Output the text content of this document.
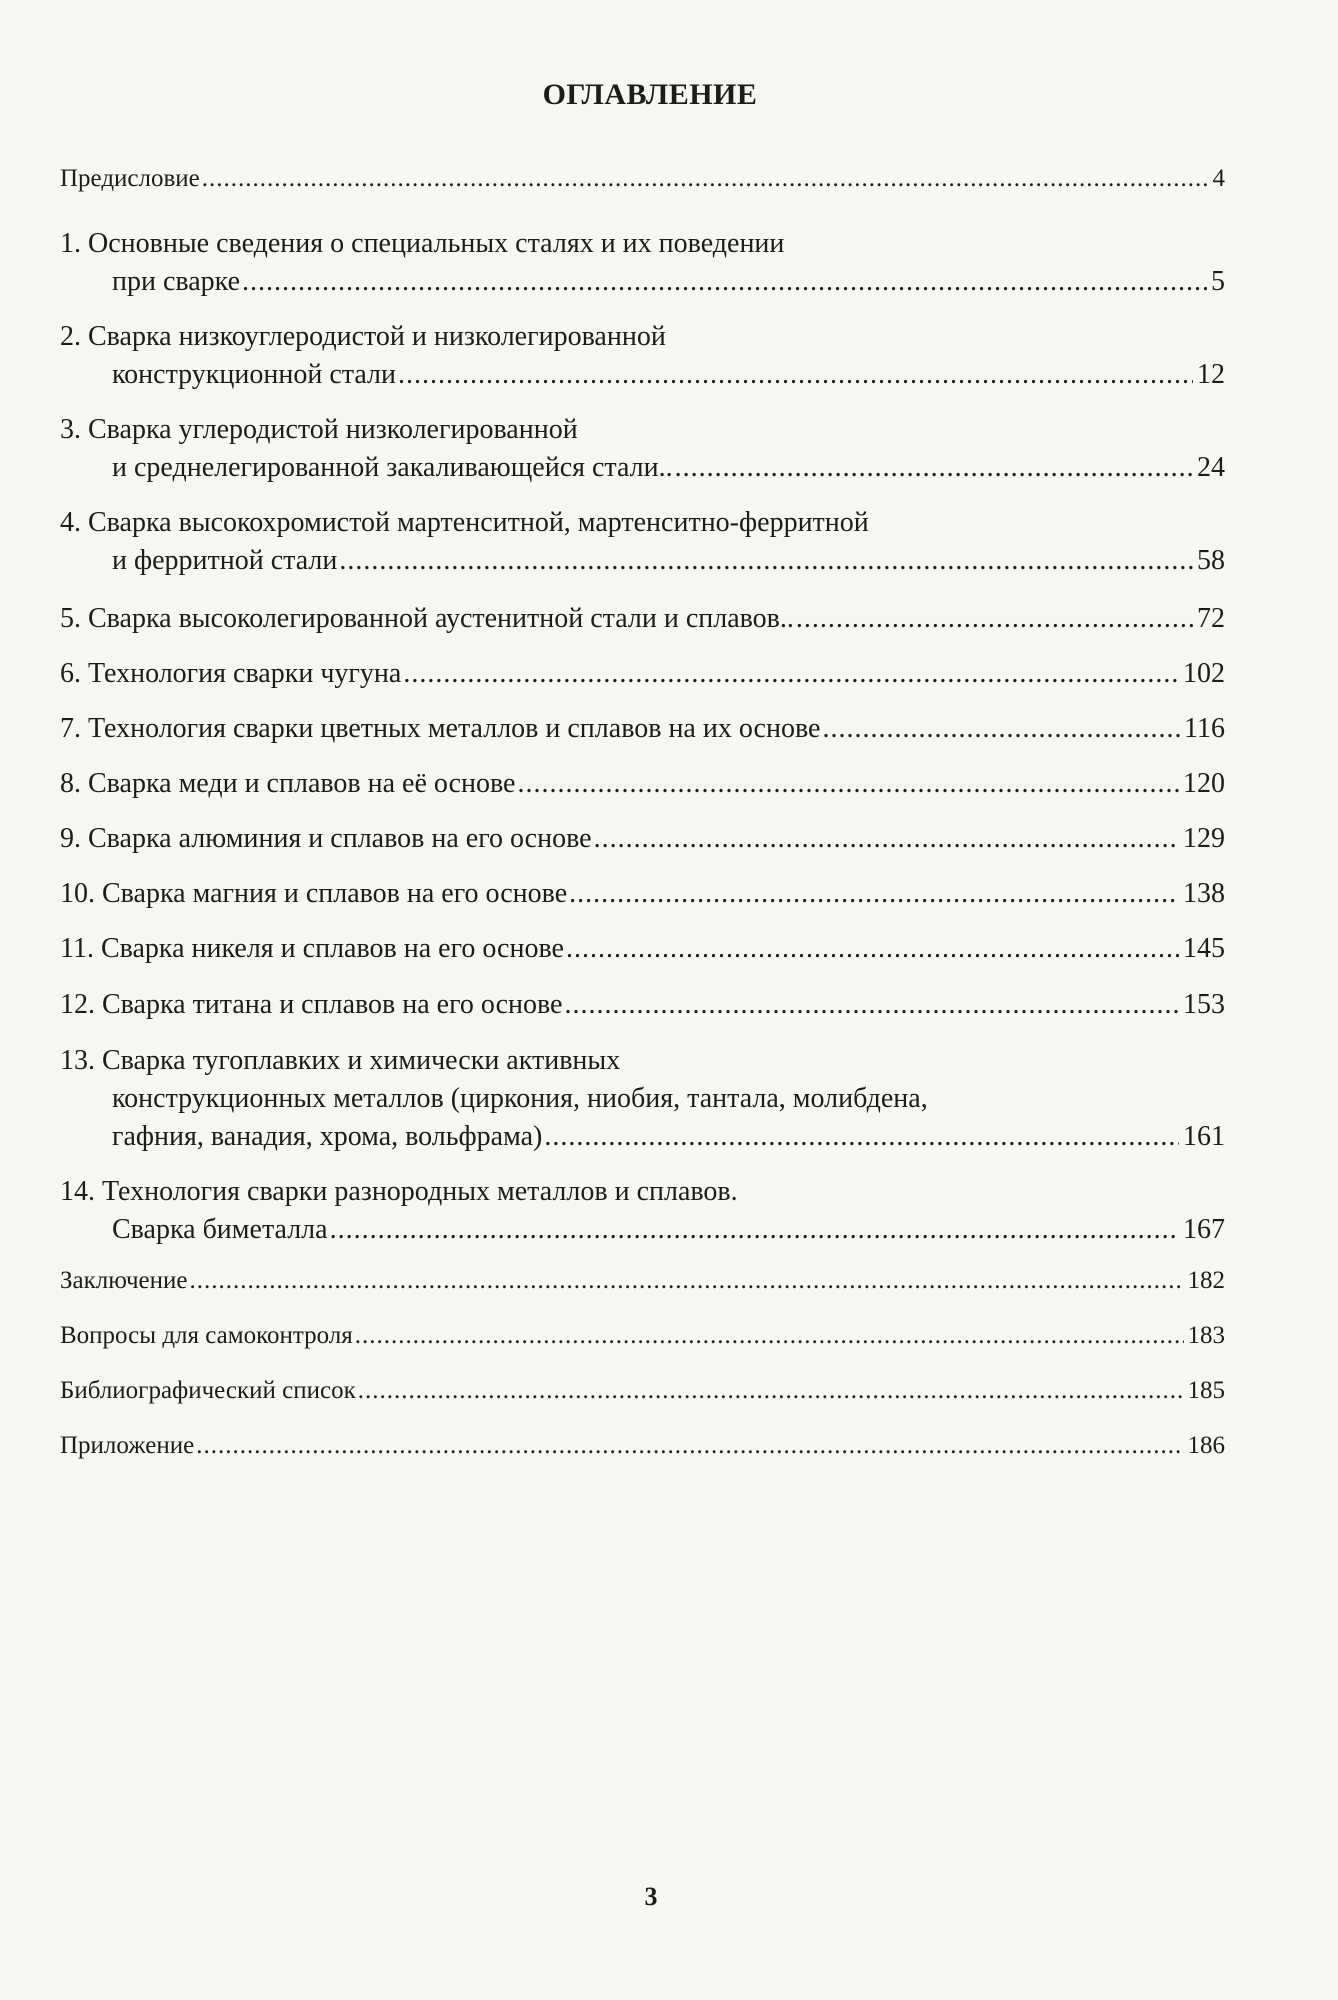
ОГЛАВЛЕНИЕ
Предисловие .....	4
1. Основные сведения о специальных сталях и их поведении
при сварке .....	5
2. Сварка низкоуглеродистой и низколегированной
конструкционной стали .....	12
3. Сварка углеродистой низколегированной
и среднелегированной закаливающейся стали.. .....	24
4. Сварка высокохромистой мартенситной, мартенситно-ферритной
и ферритной стали .....	58
5. Сварка высоколегированной аустенитной стали и сплавов.. .....	72
6. Технология сварки чугуна .....	102
7. Технология сварки цветных металлов и сплавов на их основе .....	116
8. Сварка меди и сплавов на её основе .....	120
9. Сварка алюминия и сплавов на его основе .....	129
10. Сварка магния и сплавов на его основе .....	138
11. Сварка никеля и сплавов на его основе .....	145
12. Сварка титана и сплавов на его основе .....	153
13. Сварка тугоплавких и химически активных
конструкционных металлов (циркония, ниобия, тантала, молибдена,
гафния, ванадия, хрома, вольфрама) .....	161
14. Технология сварки разнородных металлов и сплавов.
Сварка биметалла .....	167
Заключение .....	182
Вопросы для самоконтроля .....	183
Библиографический список .....	185
Приложение .....	186
3
